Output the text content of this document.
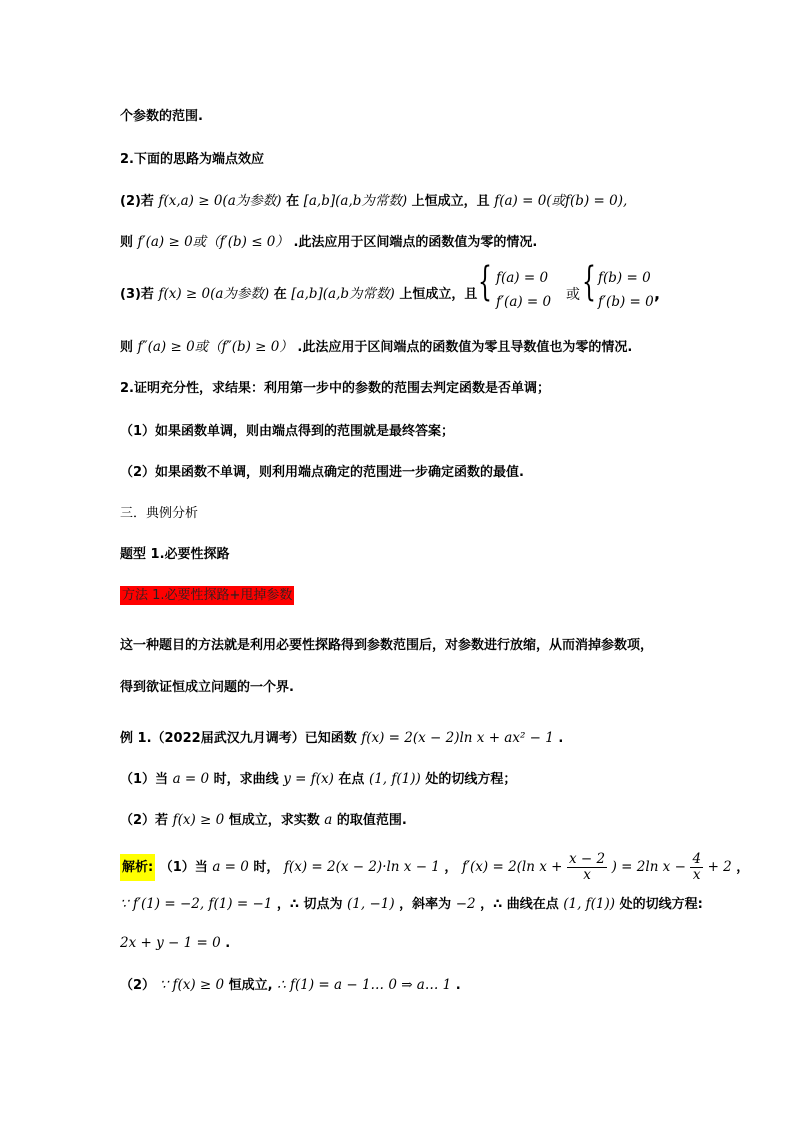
个参数的范围.
2.下面的思路为端点效应
(2)若 f(x,a) ≥ 0(a为参数) 在 [a,b](a,b为常数) 上恒成立，且 f(a) = 0(或f(b) = 0),
则 f′(a) ≥ 0或（f′(b) ≤ 0） .此法应用于区间端点的函数值为零的情况.
(3)若 f(x) ≥ 0(a为参数) 在 [a,b](a,b为常数) 上恒成立，且 { f(a) = 0
f′(a) = 0 或 { f(b) = 0
f′(b) = 0 ,
则 f″(a) ≥ 0或（f″(b) ≥ 0） .此法应用于区间端点的函数值为零且导数值也为零的情况.
2.证明充分性，求结果：利用第一步中的参数的范围去判定函数是否单调；
（1）如果函数单调，则由端点得到的范围就是最终答案；
（2）如果函数不单调，则利用端点确定的范围进一步确定函数的最值.
三．典例分析
题型 1.必要性探路
方法 1.必要性探路+甩掉参数
这一种题目的方法就是利用必要性探路得到参数范围后，对参数进行放缩，从而消掉参数项，
得到欲证恒成立问题的一个界.
例 1.（2022届武汉九月调考）已知函数 f(x) = 2(x − 2)ln x + ax² − 1 .
（1）当 a = 0 时，求曲线 y = f(x) 在点 (1, f(1)) 处的切线方程；
（2）若 f(x) ≥ 0 恒成立，求实数 a 的取值范围.
解析: （1）当 a = 0 时， f(x) = 2(x − 2)·ln x − 1 ， f′(x) = 2(ln $x + \frac{x - 2}{x}$ ) = 2ln $x - \frac{4}{x} + 2$ ，
∵ f′(1) = −2, f(1) = −1 ，∴ 切点为 (1, −1) ，斜率为 −2 ，∴ 曲线在点 (1, f(1)) 处的切线方程:
2x + y − 1 = 0 .
（2） ∵ f(x) ≥ 0 恒成立, ∴ f(1) = a − 1… 0 ⇒ a… 1 .
